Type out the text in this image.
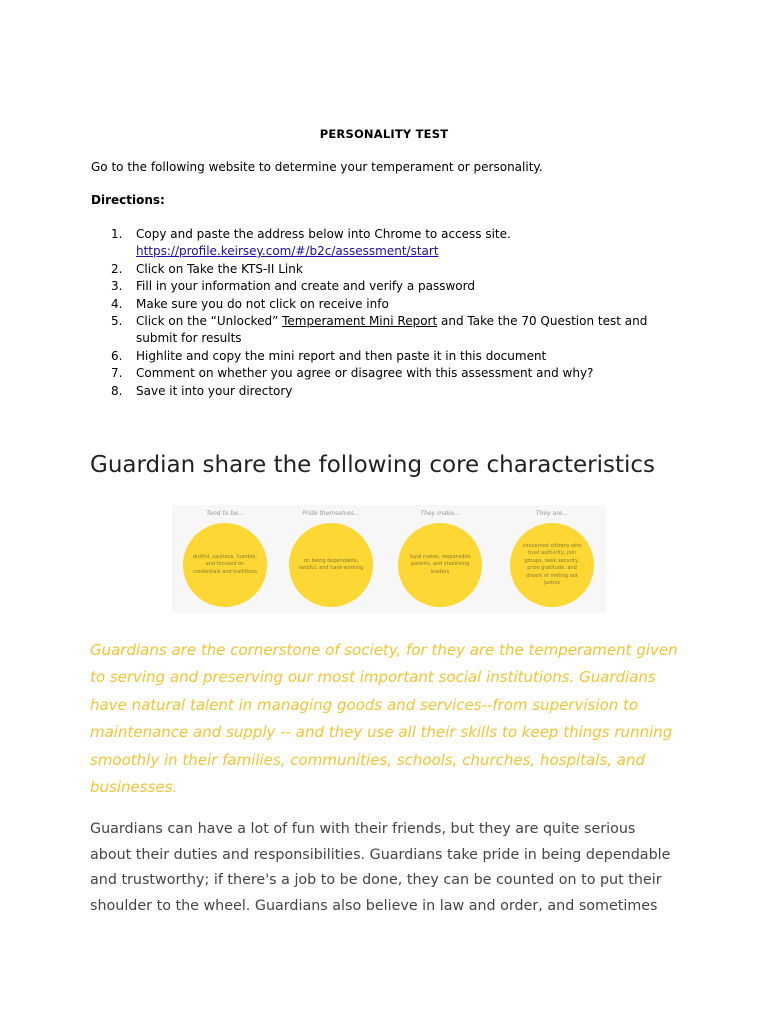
PERSONALITY TEST
Go to the following website to determine your temperament or personality.
Directions:
1. Copy and paste the address below into Chrome to access site.
https://profile.keirsey.com/#/b2c/assessment/start
2. Click on Take the KTS-II Link
3. Fill in your information and create and verify a password
4. Make sure you do not click on receive info
5. Click on the “Unlocked” Temperament Mini Report and Take the 70 Question test and submit for results
6. Highlite and copy the mini report and then paste it in this document
7. Comment on whether you agree or disagree with this assessment and why?
8. Save it into your directory
Guardian share the following core characteristics
Tend to be...
dutiful, cautious, humble, and focused on credentials and traditions
Pride themselves...
on being dependable, helpful, and hard-working
They make...
loyal mates, responsible parents, and stabilizing leaders
They are...
concerned citizens who trust authority, join groups, seek security, prize gratitude, and dream of meting out justice

Guardians are the cornerstone of society, for they are the temperament given to serving and preserving our most important social institutions. Guardians have natural talent in managing goods and services--from supervision to maintenance and supply -- and they use all their skills to keep things running smoothly in their families, communities, schools, churches, hospitals, and businesses.

Guardians can have a lot of fun with their friends, but they are quite serious about their duties and responsibilities. Guardians take pride in being dependable and trustworthy; if there's a job to be done, they can be counted on to put their shoulder to the wheel. Guardians also believe in law and order, and sometimes
